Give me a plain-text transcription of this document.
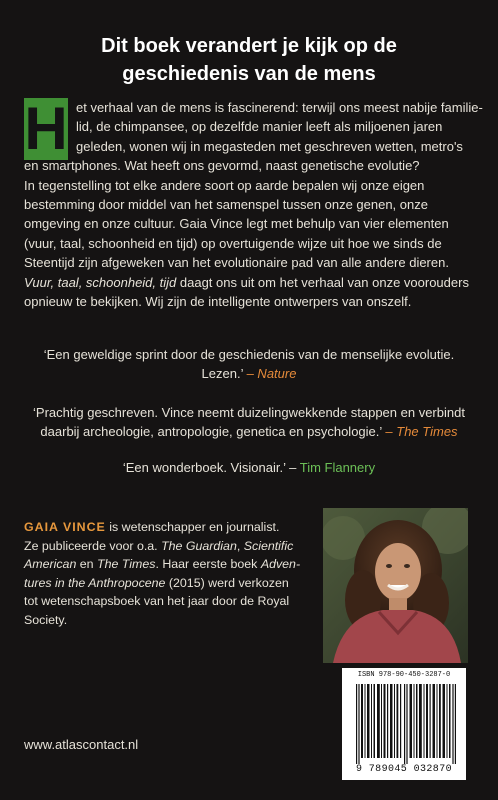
Dit boek verandert je kijk op de
geschiedenis van de mens
H et verhaal van de mens is fascinerend: terwijl ons meest nabije familie-
lid, de chimpansee, op dezelfde manier leeft als miljoenen jaren
geleden, wonen wij in megasteden met geschreven wetten, metro's
en smartphones. Wat heeft ons gevormd, naast genetische evolutie?
In tegenstelling tot elke andere soort op aarde bepalen wij onze eigen
bestemming door middel van het samenspel tussen onze genen, onze
omgeving en onze cultuur. Gaia Vince legt met behulp van vier elementen
(vuur, taal, schoonheid en tijd) op overtuigende wijze uit hoe we sinds de
Steentijd zijn afgeweken van het evolutionaire pad van alle andere dieren.
Vuur, taal, schoonheid, tijd daagt ons uit om het verhaal van onze voorouders
opnieuw te bekijken. Wij zijn de intelligente ontwerpers van onszelf.
‘Een geweldige sprint door de geschiedenis van de menselijke evolutie.
Lezen.’ – Nature
‘Prachtig geschreven. Vince neemt duizelingwekkende stappen en verbindt
daarbij archeologie, antropologie, genetica en psychologie.’ – The Times
‘Een wonderboek. Visionair.’ – Tim Flannery
GAIA VINCE is wetenschapper en journalist.
Ze publiceerde voor o.a. The Guardian, Scientific
American en The Times. Haar eerste boek Adven-
tures in the Anthropocene (2015) werd verkozen
tot wetenschapsboek van het jaar door de Royal
Society.
ISBN 978-90-450-3287-0
9 789045 032870
www.atlascontact.nl
